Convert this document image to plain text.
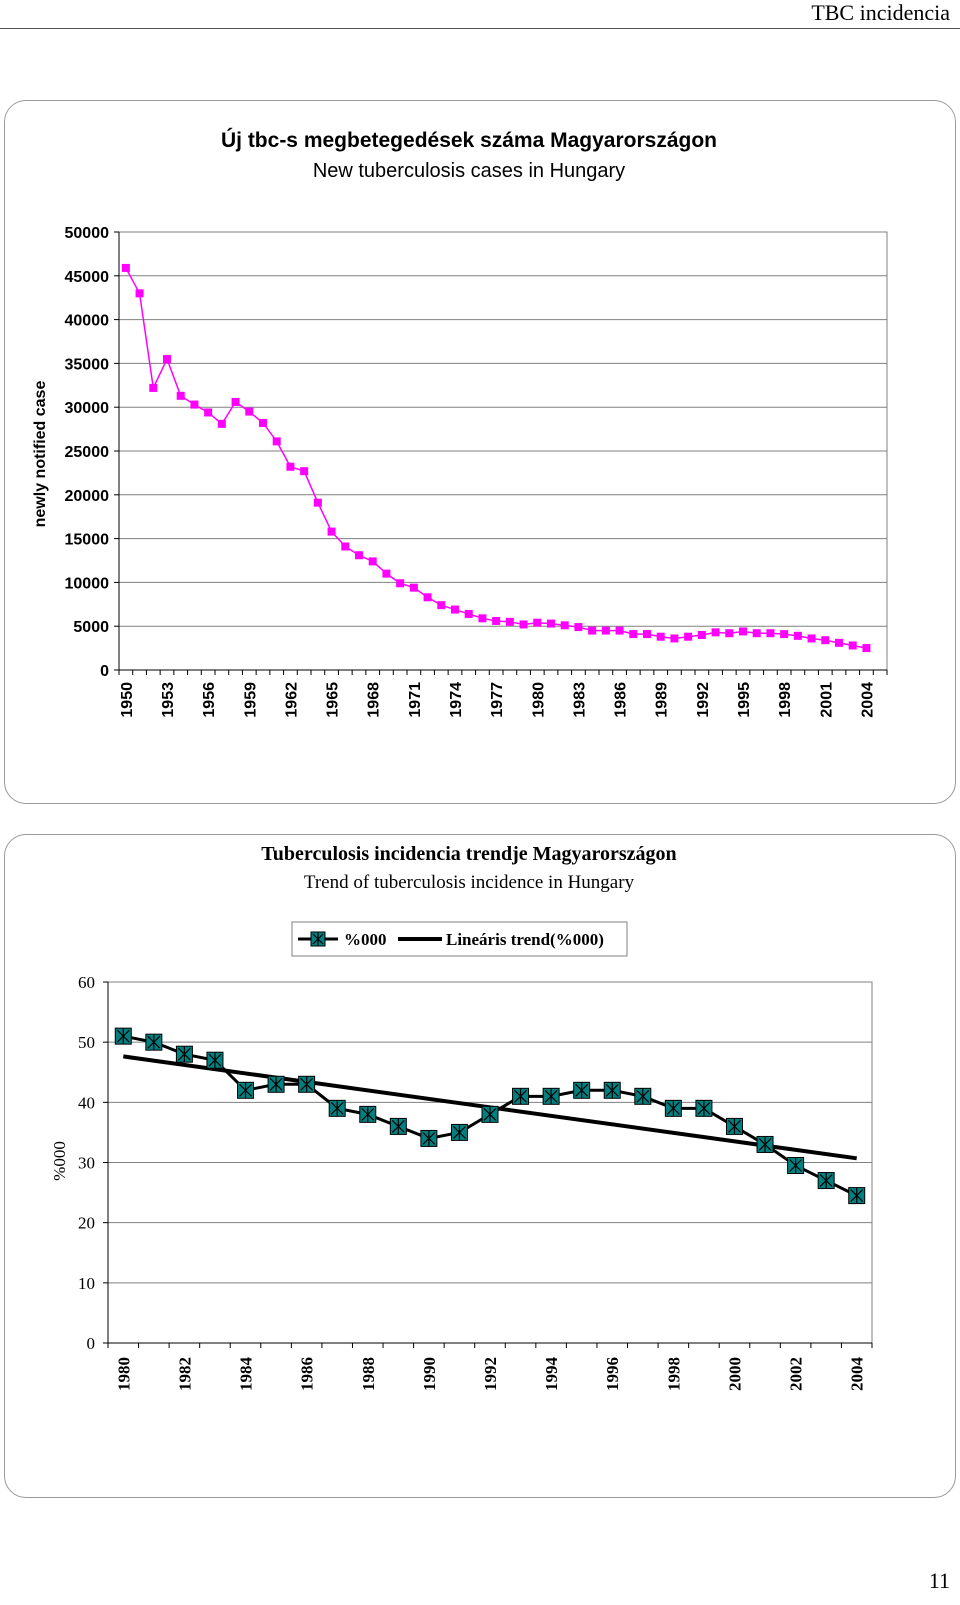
TBC incidencia
Új tbc-s megbetegedések száma Magyarországon
New tuberculosis cases in Hungary
newly notified case
0
5000
10000
15000
20000
25000
30000
35000
40000
45000
50000
1950 1953 1956 1959 1962 1965 1968 1971 1974 1977 1980 1983 1986 1989 1992 1995 1998 2001 2004
Tuberculosis incidencia trendje Magyarországon
Trend of tuberculosis incidence in Hungary
%000
0
10
20
30
40
50
60
1980 1982 1984 1986 1988 1990 1992 1994 1996 1998 2000 2002 2004
%000	Lineáris trend(%000)
11
